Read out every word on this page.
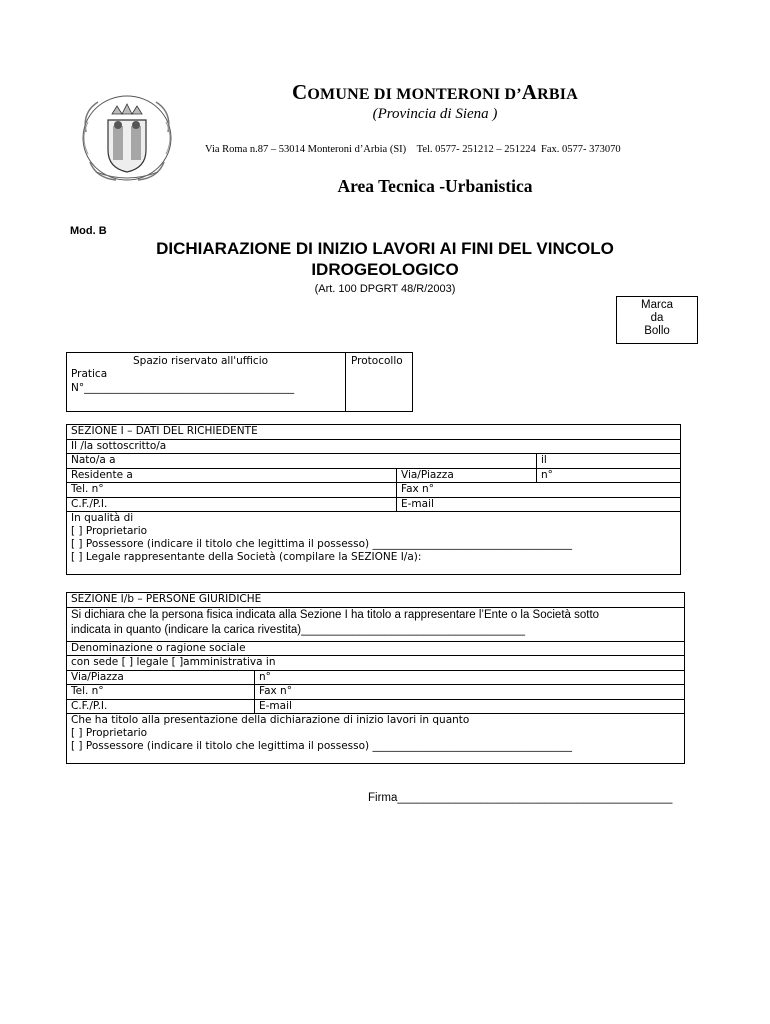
COMUNE DI MONTERONI D’ARBIA
(Provincia di Siena )
Via Roma n.87 – 53014 Monteroni d’Arbia (SI)    Tel. 0577- 251212 – 251224  Fax. 0577- 373070
Area Tecnica -Urbanistica
Mod. B
DICHIARAZIONE DI INIZIO LAVORI AI FINI DEL VINCOLO
IDROGEOLOGICO
(Art. 100 DPGRT 48/R/2003)
Marca
da
Bollo
Spazio riservato all'ufficio
Pratica
N°________________________________________
Protocollo
SEZIONE I – DATI DEL RICHIEDENTE		
Il /la sottoscritto/a		
Nato/a a		il
Residente a	Via/Piazza	n°
Tel. n°	Fax n°	
C.F./P.I.	E-mail	

In qualità di
[ ] Proprietario
[ ] Possessore (indicare il titolo che legittima il possesso) ______________________________________
[ ] Legale rappresentante della Società (compilare la SEZIONE I/a):		
SEZIONE I/b – PERSONE GIURIDICHE	

Si dichiara che la persona fisica indicata alla Sezione I ha titolo a rappresentare l’Ente o la Società sotto
indicata in quanto (indicare la carica rivestita)___________________________________	

Denominazione o ragione sociale	
con sede [ ] legale [ ]amministrativa in	
Via/Piazza	n°
Tel. n°	Fax n°
C.F./P.I.	E-mail

Che ha titolo alla presentazione della dichiarazione di inizio lavori in quanto
[ ] Proprietario
[ ] Possessore (indicare il titolo che legittima il possesso) ______________________________________	
Firma___________________________________________
